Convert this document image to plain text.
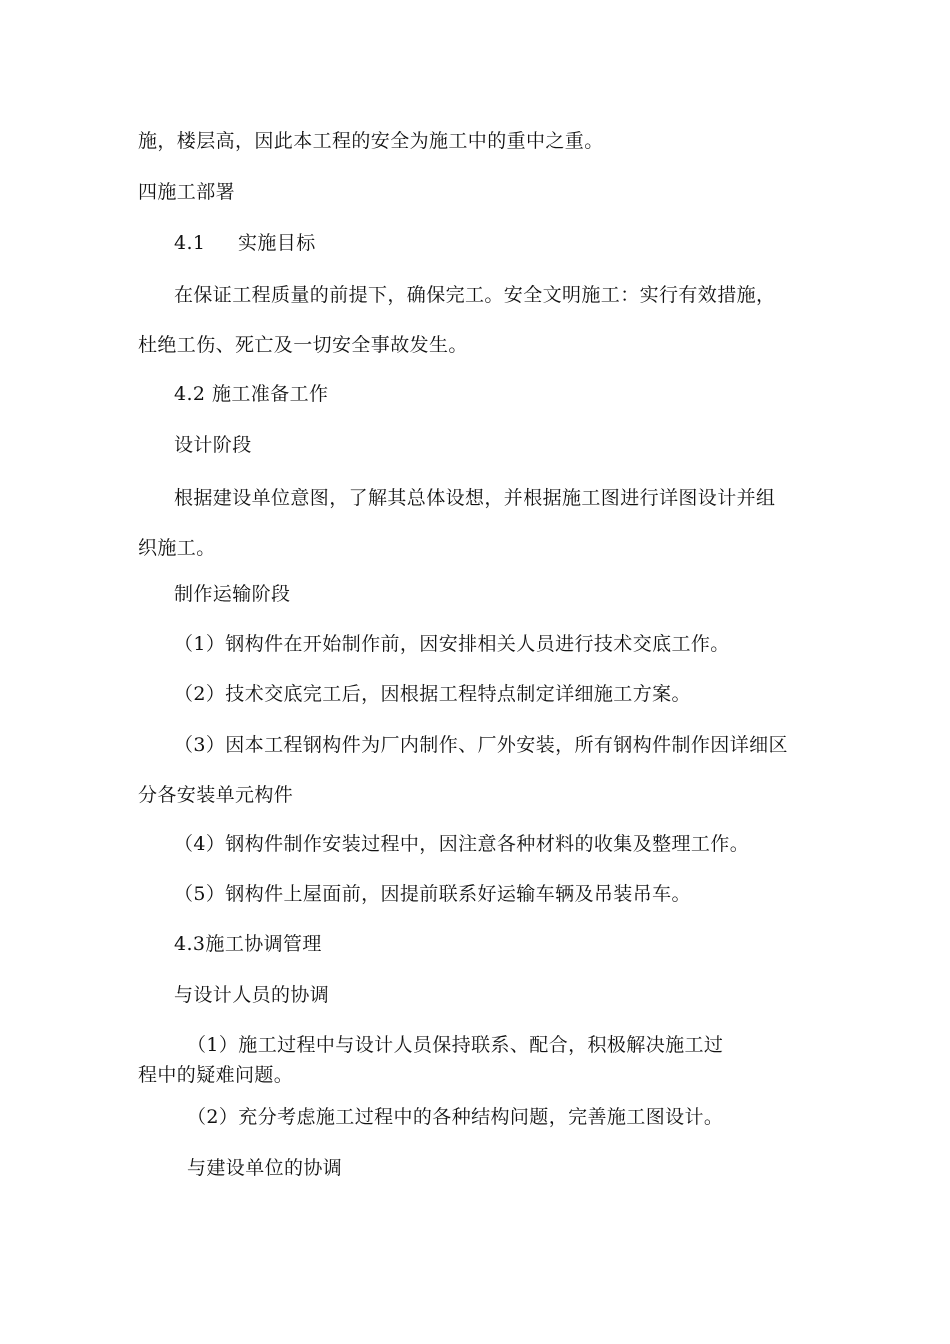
施，楼层高，因此本工程的安全为施工中的重中之重。
四施工部署
4.1 实施目标
在保证工程质量的前提下，确保完工。安全文明施工：实行有效措施，
杜绝工伤、死亡及一切安全事故发生。
4.2 施工准备工作
设计阶段
根据建设单位意图，了解其总体设想，并根据施工图进行详图设计并组
织施工。
制作运输阶段
（1）钢构件在开始制作前，因安排相关人员进行技术交底工作。
（2）技术交底完工后，因根据工程特点制定详细施工方案。
（3）因本工程钢构件为厂内制作、厂外安装，所有钢构件制作因详细区
分各安装单元构件
（4）钢构件制作安装过程中，因注意各种材料的收集及整理工作。
（5）钢构件上屋面前，因提前联系好运输车辆及吊装吊车。
4.3施工协调管理
与设计人员的协调
（1）施工过程中与设计人员保持联系、配合，积极解决施工过
程中的疑难问题。
（2）充分考虑施工过程中的各种结构问题，完善施工图设计。
与建设单位的协调
